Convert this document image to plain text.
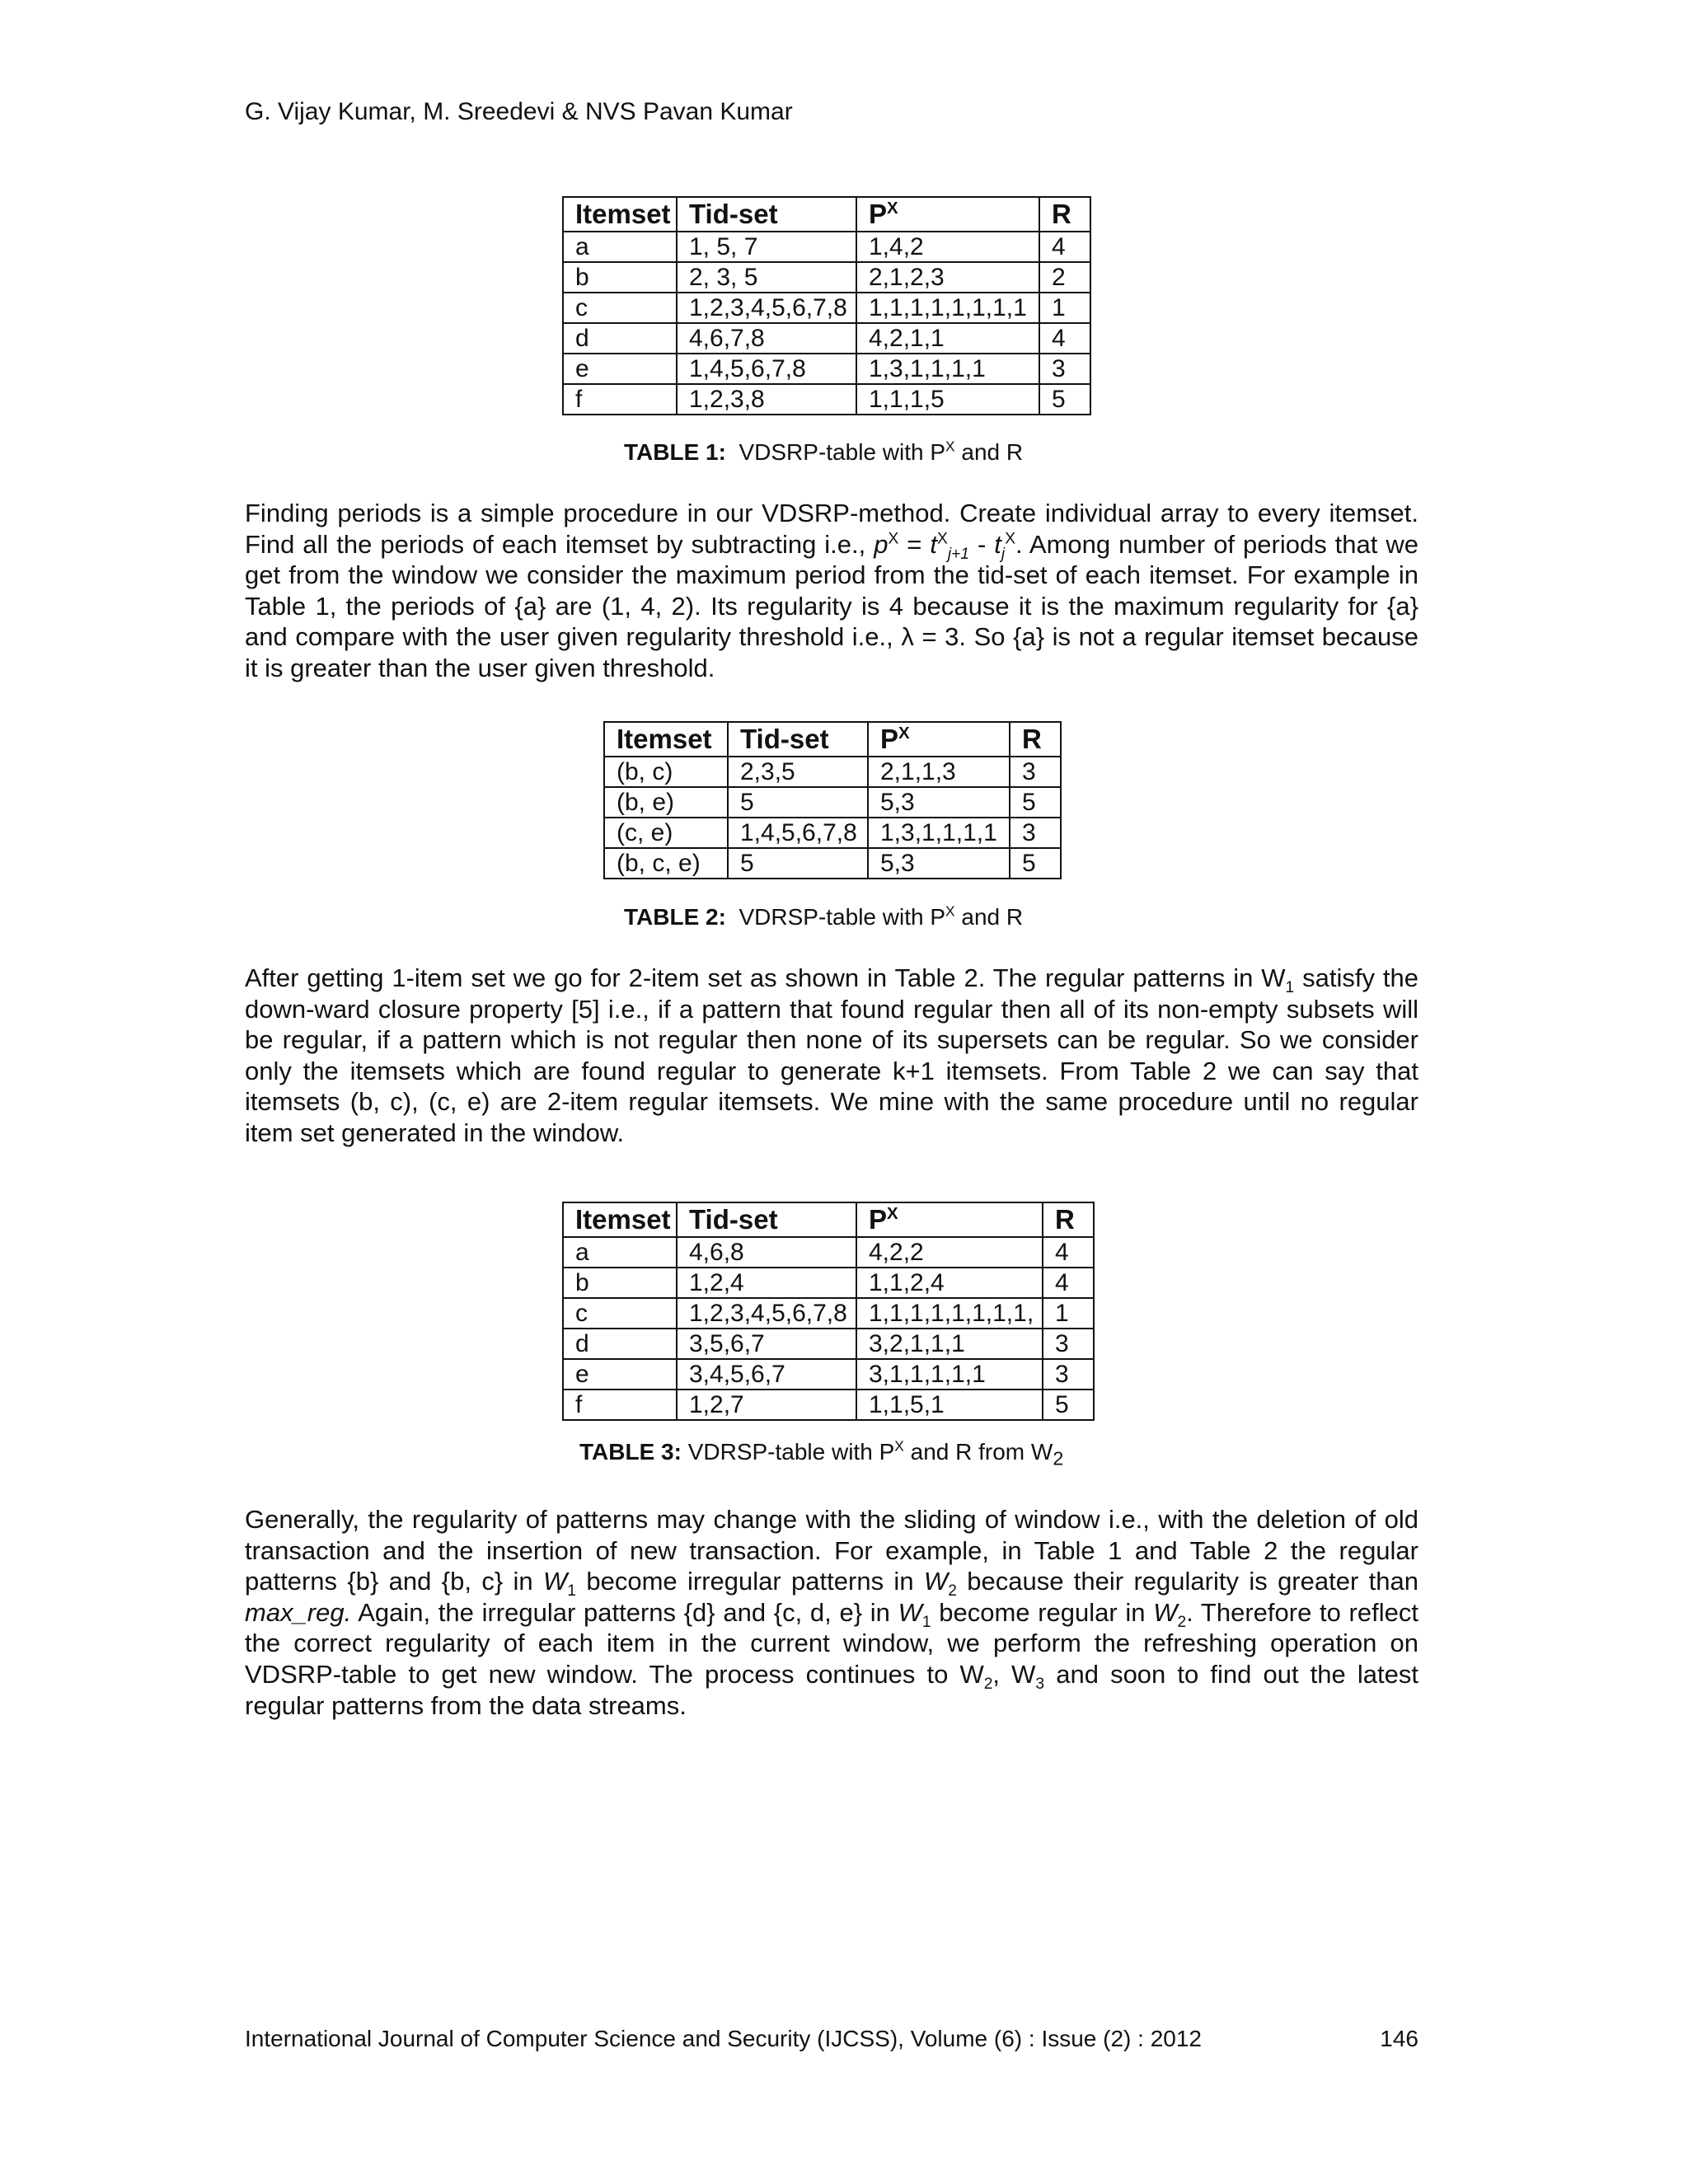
G. Vijay Kumar, M. Sreedevi & NVS Pavan Kumar
Itemset	Tid-set	$P^X$	R
a	1, 5, 7	1,4,2	4
b	2, 3, 5	2,1,2,3	2
c	1,2,3,4,5,6,7,8	1,1,1,1,1,1,1,1	1
d	4,6,7,8	4,2,1,1	4
e	1,4,5,6,7,8	1,3,1,1,1,1	3
f	1,2,3,8	1,1,1,5	5
TABLE 1: VDSRP-table with $P^X$ and R
Finding periods is a simple procedure in our VDSRP-method. Create individual array to every itemset. Find all the periods of each itemset by subtracting i.e., $p^X = t^X_{j+1} - t_j^X$. Among number of periods that we get from the window we consider the maximum period from the tid-set of each itemset. For example in Table 1, the periods of {a} are (1, 4, 2). Its regularity is 4 because it is the maximum regularity for {a} and compare with the user given regularity threshold i.e., λ = 3. So {a} is not a regular itemset because it is greater than the user given threshold.
Itemset	Tid-set	$P^X$	R
(b, c)	2,3,5	2,1,1,3	3
(b, e)	5	5,3	5
(c, e)	1,4,5,6,7,8	1,3,1,1,1,1	3
(b, c, e)	5	5,3	5
TABLE 2: VDRSP-table with $P^X$ and R
After getting 1-item set we go for 2-item set as shown in Table 2. The regular patterns in $W_1$ satisfy the down-ward closure property [5] i.e., if a pattern that found regular then all of its non-empty subsets will be regular, if a pattern which is not regular then none of its supersets can be regular. So we consider only the itemsets which are found regular to generate k+1 itemsets. From Table 2 we can say that itemsets (b, c), (c, e) are 2-item regular itemsets. We mine with the same procedure until no regular item set generated in the window.
Itemset	Tid-set	$P^X$	R
a	4,6,8	4,2,2	4
b	1,2,4	1,1,2,4	4
c	1,2,3,4,5,6,7,8	1,1,1,1,1,1,1,1,	1
d	3,5,6,7	3,2,1,1,1	3
e	3,4,5,6,7	3,1,1,1,1,1	3
f	1,2,7	1,1,5,1	5
TABLE 3: VDRSP-table with $P^X$ and R from $W_2$
Generally, the regularity of patterns may change with the sliding of window i.e., with the deletion of old transaction and the insertion of new transaction. For example, in Table 1 and Table 2 the regular patterns {b} and {b, c} in $W_1$ become irregular patterns in $W_2$ because their regularity is greater than max_reg. Again, the irregular patterns {d} and {c, d, e} in $W_1$ become regular in $W_2$. Therefore to reflect the correct regularity of each item in the current window, we perform the refreshing operation on VDSRP-table to get new window. The process continues to $W_2$, $W_3$ and soon to find out the latest regular patterns from the data streams.
International Journal of Computer Science and Security (IJCSS), Volume (6) : Issue (2) : 2012	146
